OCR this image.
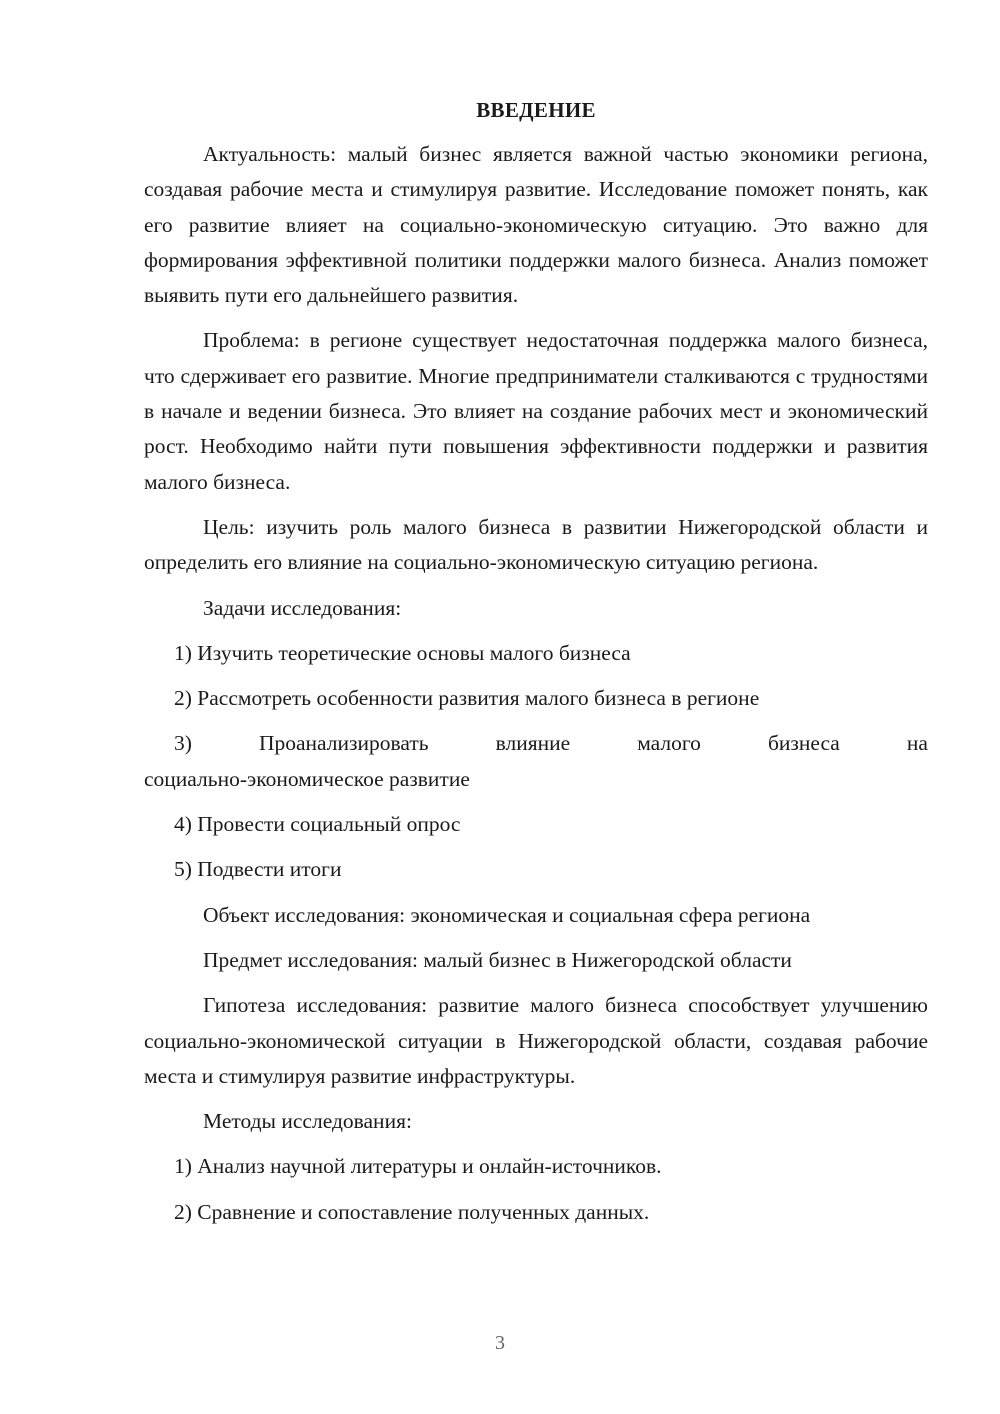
ВВЕДЕНИЕ

Актуальность: малый бизнес является важной частью экономики региона, создавая рабочие места и стимулируя развитие. Исследование поможет понять, как его развитие влияет на социально-экономическую ситуацию. Это важно для формирования эффективной политики поддержки малого бизнеса. Анализ поможет выявить пути его дальнейшего развития.

Проблема: в регионе существует недостаточная поддержка малого бизнеса, что сдерживает его развитие. Многие предприниматели сталкиваются с трудностями в начале и ведении бизнеса. Это влияет на создание рабочих мест и экономический рост. Необходимо найти пути повышения эффективности поддержки и развития малого бизнеса.

Цель: изучить роль малого бизнеса в развитии Нижегородской области и определить его влияние на социально-экономическую ситуацию региона.

Задачи исследования:

1) Изучить теоретические основы малого бизнеса

2) Рассмотреть особенности развития малого бизнеса в регионе

3)	Проанализировать	влияние	малого	бизнеса	на
социально-экономическое развитие

4) Провести социальный опрос

5) Подвести итоги

Объект исследования: экономическая и социальная сфера региона

Предмет исследования: малый бизнес в Нижегородской области

Гипотеза исследования: развитие малого бизнеса способствует улучшению социально-экономической ситуации в Нижегородской области, создавая рабочие места и стимулируя развитие инфраструктуры.

Методы исследования:

1) Анализ научной литературы и онлайн-источников.

2) Сравнение и сопоставление полученных данных.

3
